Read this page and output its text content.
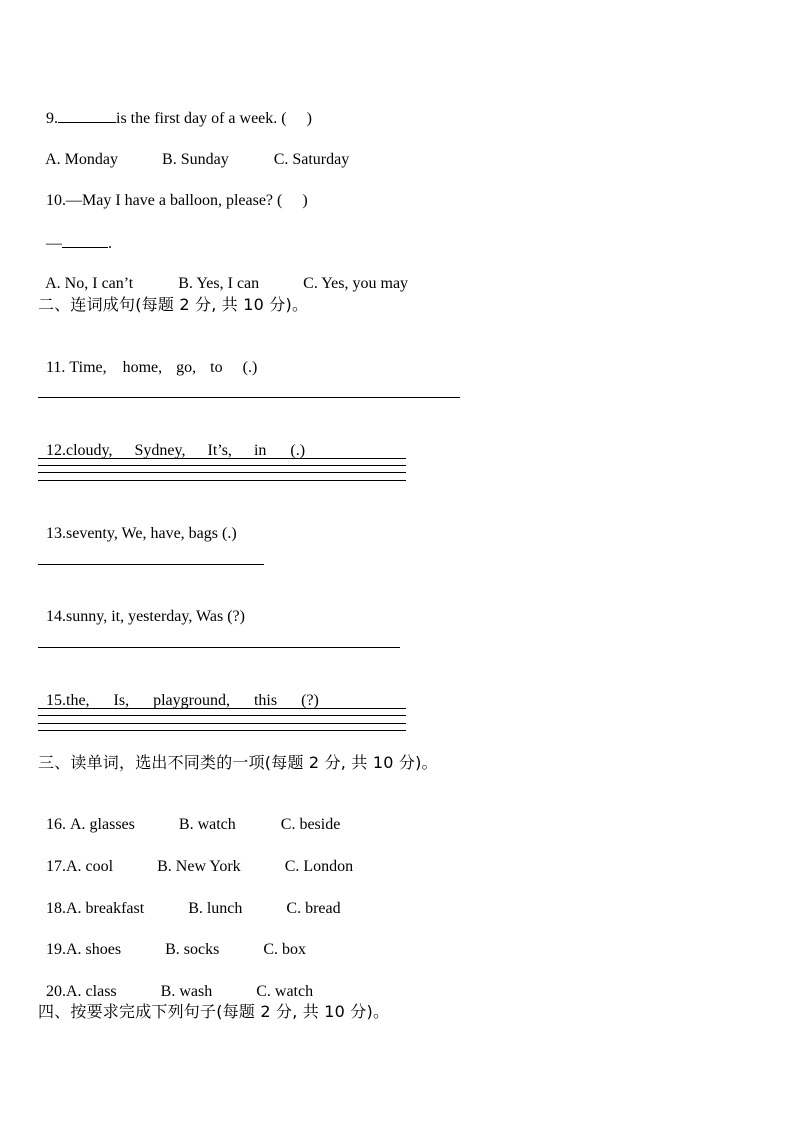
9.	is the first day of a week. (     )

A. Monday	B. Sunday	C. Saturday

10.—May I have a balloon, please? (     )

—	.

A. No, I can’t	B. Yes, I can	C. Yes, you may

二、连词成句(每题 2 分, 共 10 分)。

11. Time, home, go, to (.)

12.cloudy, Sydney, It’s, in (.)

13.seventy, We, have, bags (.)

14.sunny, it, yesterday, Was (?)

15.the, Is, playground, this (?)

三、读单词，选出不同类的一项(每题 2 分, 共 10 分)。

16. A. glasses	B. watch	C. beside

17.A. cool	B. New York	C. London

18.A. breakfast	B. lunch	C. bread

19.A. shoes	B. socks	C. box

20.A. class	B. wash	C. watch

四、按要求完成下列句子(每题 2 分, 共 10 分)。
